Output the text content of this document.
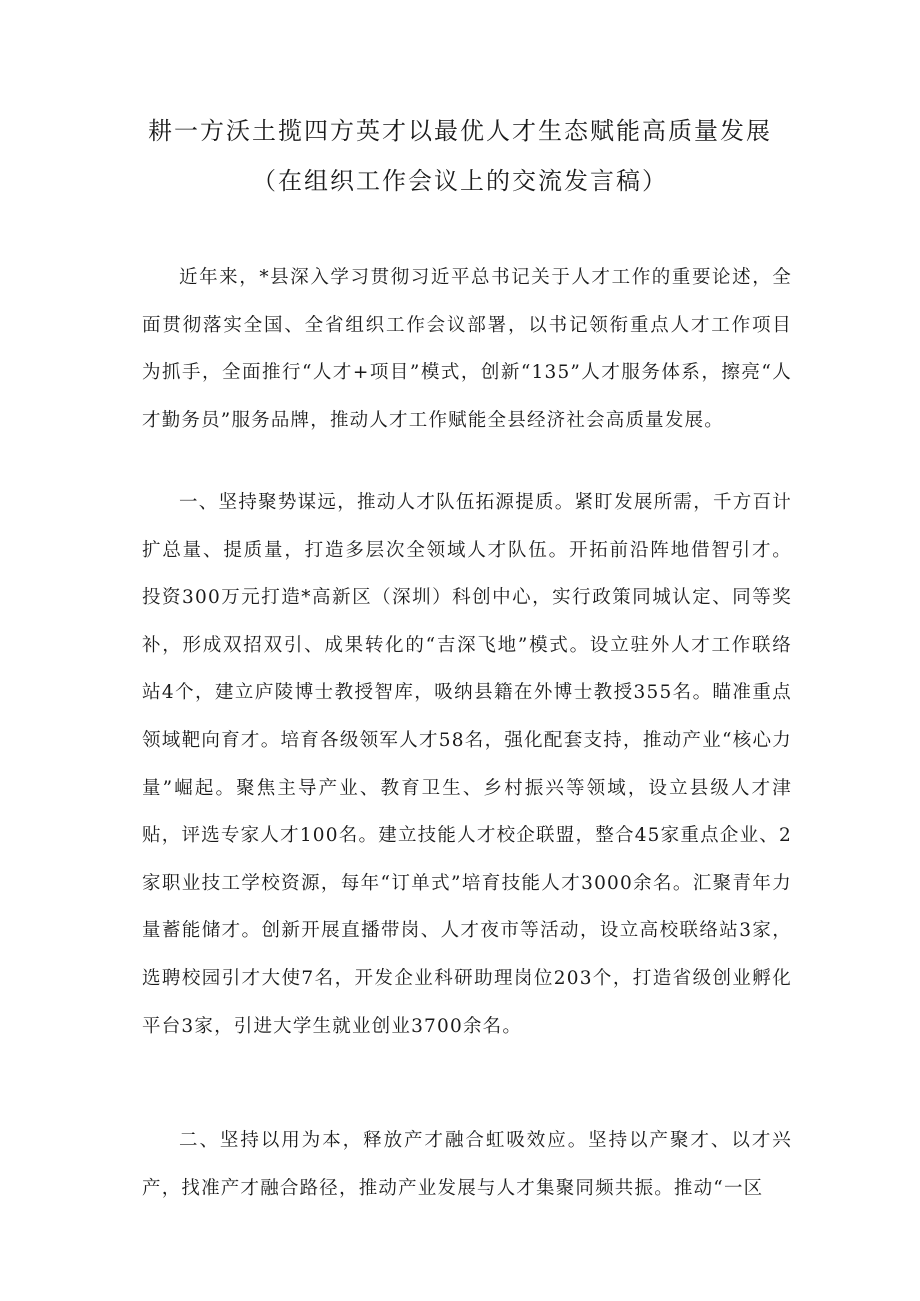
耕一方沃土揽四方英才以最优人才生态赋能高质量发展
（在组织工作会议上的交流发言稿）

近年来，*县深入学习贯彻习近平总书记关于人才工作的重要论述，全面贯彻落实全国、全省组织工作会议部署，以书记领衔重点人才工作项目为抓手，全面推行“人才+项目”模式，创新“135”人才服务体系，擦亮“人才勤务员”服务品牌，推动人才工作赋能全县经济社会高质量发展。

一、坚持聚势谋远，推动人才队伍拓源提质。紧盯发展所需，千方百计扩总量、提质量，打造多层次全领域人才队伍。开拓前沿阵地借智引才。投资300万元打造*高新区（深圳）科创中心，实行政策同城认定、同等奖补，形成双招双引、成果转化的“吉深飞地”模式。设立驻外人才工作联络站4个，建立庐陵博士教授智库，吸纳县籍在外博士教授355名。瞄准重点领域靶向育才。培育各级领军人才58名，强化配套支持，推动产业“核心力量”崛起。聚焦主导产业、教育卫生、乡村振兴等领域，设立县级人才津贴，评选专家人才100名。建立技能人才校企联盟，整合45家重点企业、2家职业技工学校资源，每年“订单式”培育技能人才3000余名。汇聚青年力量蓄能储才。创新开展直播带岗、人才夜市等活动，设立高校联络站3家，选聘校园引才大使7名，开发企业科研助理岗位203个，打造省级创业孵化平台3家，引进大学生就业创业3700余名。

二、坚持以用为本，释放产才融合虹吸效应。坚持以产聚才、以才兴产，找准产才融合路径，推动产业发展与人才集聚同频共振。推动“一区
